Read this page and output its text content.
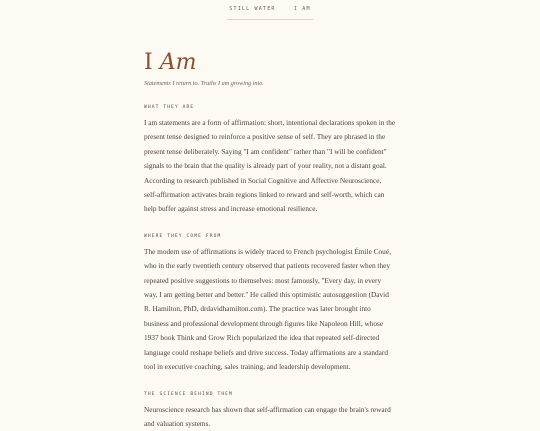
STILL WATER	I AM
I Am
Statements I return to. Truths I am growing into.
WHAT THEY ARE

I am statements are a form of affirmation: short, intentional declarations spoken in the present tense designed to reinforce a positive sense of self. They are phrased in the present tense deliberately. Saying "I am confident" rather than "I will be confident" signals to the brain that the quality is already part of your reality, not a distant goal. According to research published in Social Cognitive and Affective Neuroscience, self-affirmation activates brain regions linked to reward and self-worth, which can help buffer against stress and increase emotional resilience.

WHERE THEY COME FROM

The modern use of affirmations is widely traced to French psychologist Émile Coué, who in the early twentieth century observed that patients recovered faster when they repeated positive suggestions to themselves: most famously, "Every day, in every way, I am getting better and better." He called this optimistic autosuggestion (David R. Hamilton, PhD, drdavidhamilton.com). The practice was later brought into business and professional development through figures like Napoleon Hill, whose 1937 book Think and Grow Rich popularized the idea that repeated self-directed language could reshape beliefs and drive success. Today affirmations are a standard tool in executive coaching, sales training, and leadership development.

THE SCIENCE BEHIND THEM

Neuroscience research has shown that self-affirmation can engage the brain's reward and valuation systems.
